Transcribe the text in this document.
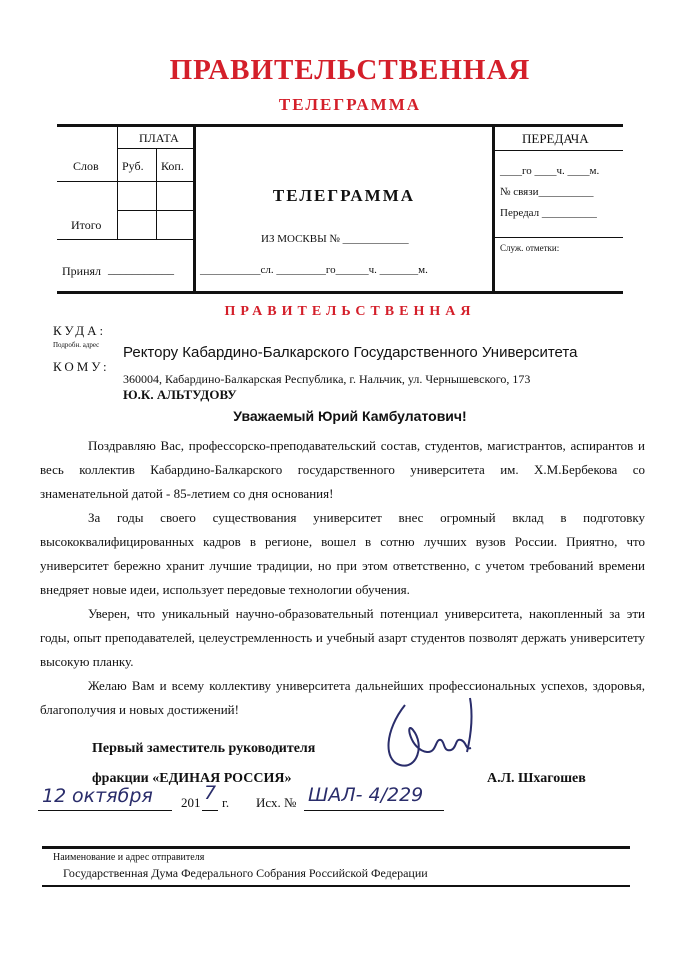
ПРАВИТЕЛЬСТВЕННАЯ
ТЕЛЕГРАММА
ПЛАТА
Слов Руб. Коп.
Итого
Принял ___________
ТЕЛЕГРАММА
ИЗ МОСКВЫ № ____________
___________сл. _________го______ч. _______м.
ПЕРЕДАЧА
____го ____ч. ____м.
№ связи__________
Передал __________
Служ. отметки:
ПРАВИТЕЛЬСТВЕННАЯ
КУДА:
Подробн. адрес
КОМУ:
Ректору Кабардино-Балкарского Государственного Университета
360004, Кабардино-Балкарская Республика, г. Нальчик, ул. Чернышевского, 173
Ю.К. АЛЬТУДОВУ
Уважаемый Юрий Камбулатович!
Поздравляю Вас, профессорско-преподавательский состав, студентов, магистрантов, аспирантов и весь коллектив Кабардино-Балкарского государственного университета им. Х.М.Бербекова со знаменательной датой - 85-летием со дня основания!
За годы своего существования университет внес огромный вклад в подготовку высококвалифицированных кадров в регионе, вошел в сотню лучших вузов России. Приятно, что университет бережно хранит лучшие традиции, но при этом ответственно, с учетом требований времени внедряет новые идеи, использует передовые технологии обучения.
Уверен, что уникальный научно-образовательный потенциал университета, накопленный за эти годы, опыт преподавателей, целеустремленность и учебный азарт студентов позволят держать университету высокую планку.
Желаю Вам и всему коллективу университета дальнейших профессиональных успехов, здоровья, благополучия и новых достижений!
Первый заместитель руководителя
фракции «ЕДИНАЯ РОССИЯ»	А.Л. Шхагошев
12 октября 201 7 г. Исх. № ШАЛ- 4/229
Наименование и адрес отправителя
Государственная Дума Федерального Собрания Российской Федерации
